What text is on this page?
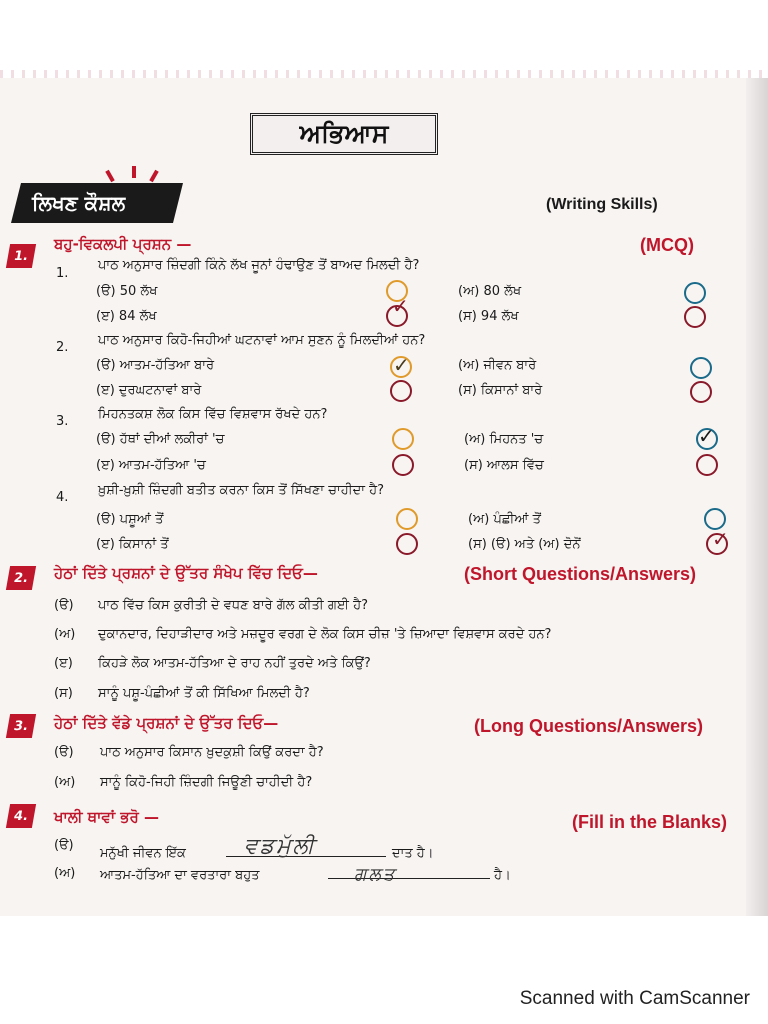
ਅਭਿਆਸ
ਲਿਖਣ ਕੌਸ਼ਲ	(Writing Skills)
1.
ਬਹੁ-ਵਿਕਲਪੀ ਪ੍ਰਸ਼ਨ —	(MCQ)
1.
ਪਾਠ ਅਨੁਸਾਰ ਜ਼ਿੰਦਗੀ ਕਿੰਨੇ ਲੱਖ ਜੂਨਾਂ ਹੰਢਾਉਣ ਤੋਂ ਬਾਅਦ ਮਿਲਦੀ ਹੈ?
(ੳ) 50 ਲੱਖ	(ਅ) 80 ਲੱਖ
(ੲ) 84 ਲੱਖ	✓	(ਸ) 94 ਲੱਖ
2. ਪਾਠ ਅਨੁਸਾਰ ਕਿਹੋ-ਜਿਹੀਆਂ ਘਟਨਾਵਾਂ ਆਮ ਸੁਣਨ ਨੂੰ ਮਿਲਦੀਆਂ ਹਨ?
(ੳ) ਆਤਮ-ਹੱਤਿਆ ਬਾਰੇ	✓	(ਅ) ਜੀਵਨ ਬਾਰੇ
(ੲ) ਦੁਰਘਟਨਾਵਾਂ ਬਾਰੇ	(ਸ) ਕਿਸਾਨਾਂ ਬਾਰੇ
3. ਮਿਹਨਤਕਸ਼ ਲੋਕ ਕਿਸ ਵਿੱਚ ਵਿਸ਼ਵਾਸ ਰੱਖਦੇ ਹਨ?
(ੳ) ਹੱਥਾਂ ਦੀਆਂ ਲਕੀਰਾਂ 'ਚ	(ਅ) ਮਿਹਨਤ 'ਚ	✓
(ੲ) ਆਤਮ-ਹੱਤਿਆ 'ਚ	(ਸ) ਆਲਸ ਵਿੱਚ
4. ਖ਼ੁਸ਼ੀ-ਖ਼ੁਸ਼ੀ ਜ਼ਿੰਦਗੀ ਬਤੀਤ ਕਰਨਾ ਕਿਸ ਤੋਂ ਸਿੱਖਣਾ ਚਾਹੀਦਾ ਹੈ?
(ੳ) ਪਸ਼ੂਆਂ ਤੋਂ	(ਅ) ਪੰਛੀਆਂ ਤੋਂ
(ੲ) ਕਿਸਾਨਾਂ ਤੋਂ	(ਸ) (ੳ) ਅਤੇ (ਅ) ਦੋਨੋਂ	✓
2.	ਹੇਠਾਂ ਦਿੱਤੇ ਪ੍ਰਸ਼ਨਾਂ ਦੇ ਉੱਤਰ ਸੰਖੇਪ ਵਿੱਚ ਦਿਓ—	(Short Questions/Answers)
(ੳ) ਪਾਠ ਵਿੱਚ ਕਿਸ ਕੁਰੀਤੀ ਦੇ ਵਧਣ ਬਾਰੇ ਗੱਲ ਕੀਤੀ ਗਈ ਹੈ?
(ਅ) ਦੁਕਾਨਦਾਰ, ਦਿਹਾੜੀਦਾਰ ਅਤੇ ਮਜ਼ਦੂਰ ਵਰਗ ਦੇ ਲੋਕ ਕਿਸ ਚੀਜ਼ 'ਤੇ ਜ਼ਿਆਦਾ ਵਿਸ਼ਵਾਸ ਕਰਦੇ ਹਨ?
(ੲ) ਕਿਹੜੇ ਲੋਕ ਆਤਮ-ਹੱਤਿਆ ਦੇ ਰਾਹ ਨਹੀਂ ਤੁਰਦੇ ਅਤੇ ਕਿਉਂ?
(ਸ) ਸਾਨੂੰ ਪਸ਼ੂ-ਪੰਛੀਆਂ ਤੋਂ ਕੀ ਸਿੱਖਿਆ ਮਿਲਦੀ ਹੈ?
3.	ਹੇਠਾਂ ਦਿੱਤੇ ਵੱਡੇ ਪ੍ਰਸ਼ਨਾਂ ਦੇ ਉੱਤਰ ਦਿਓ—	(Long Questions/Answers)
(ੳ) ਪਾਠ ਅਨੁਸਾਰ ਕਿਸਾਨ ਖ਼ੁਦਕੁਸ਼ੀ ਕਿਉਂ ਕਰਦਾ ਹੈ?
(ਅ) ਸਾਨੂੰ ਕਿਹੋ-ਜਿਹੀ ਜ਼ਿੰਦਗੀ ਜਿਊਣੀ ਚਾਹੀਦੀ ਹੈ?
4.	ਖਾਲੀ ਥਾਵਾਂ ਭਰੋ —	(Fill in the Blanks)
(ੳ)
ਮਨੁੱਖੀ ਜੀਵਨ ਇੱਕ	ਵਡਮੁੱਲੀ	ਦਾਤ ਹੈ।
(ਅ) ਆਤਮ-ਹੱਤਿਆ ਦਾ ਵਰਤਾਰਾ ਬਹੁਤ	ਗਲਤ	ਹੈ।
Scanned with CamScanner
